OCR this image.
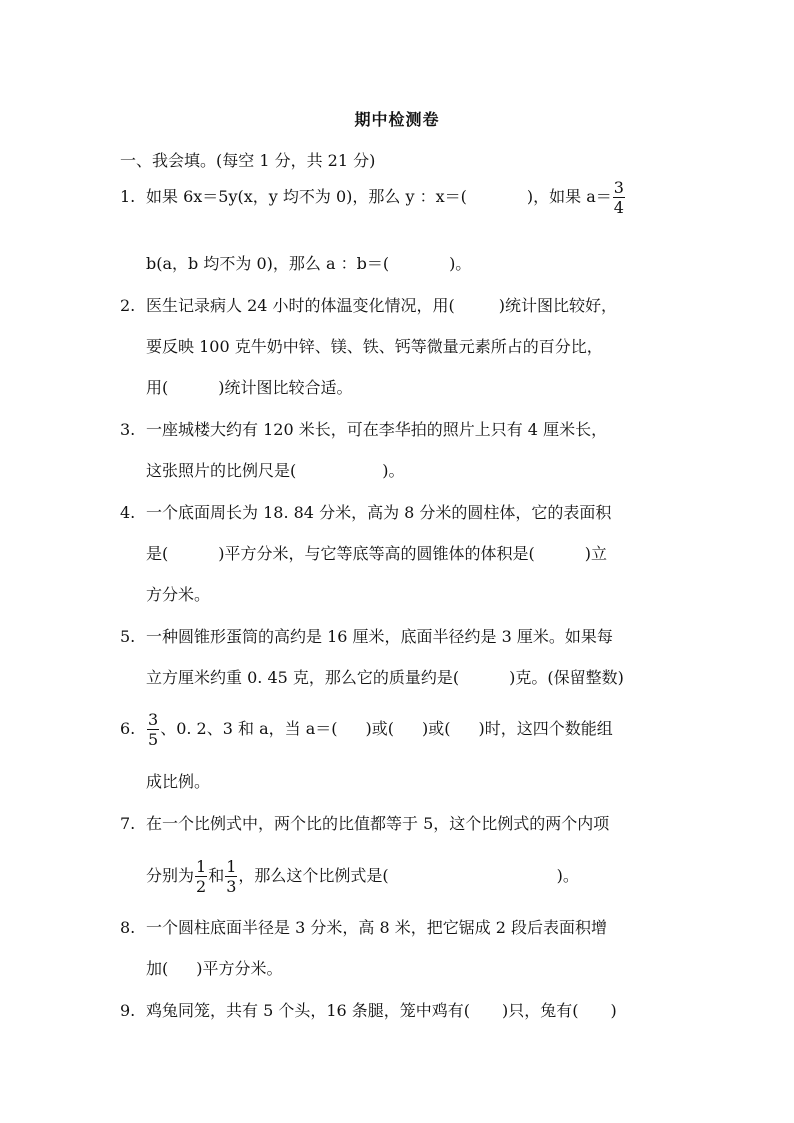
期中检测卷
一、我会填。(每空 1 分，共 21 分)
1. 如果 6x＝5y(x，y 均不为 0)，那么 y ：x＝(	)，如果 $a= \frac{3}{4}$
b(a，b 均不为 0)，那么 a ：b＝(	)。
2. 医生记录病人 24 小时的体温变化情况，用(	)统计图比较好，
要反映 100 克牛奶中锌、镁、铁、钙等微量元素所占的百分比，
用(	)统计图比较合适。
3. 一座城楼大约有 120 米长，可在李华拍的照片上只有 4 厘米长，
这张照片的比例尺是(	)。
4. 一个底面周长为 18. 84 分米，高为 8 分米的圆柱体，它的表面积
是(	)平方分米，与它等底等高的圆锥体的体积是(	)立
方分米。
5. 一种圆锥形蛋筒的高约是 16 厘米，底面半径约是 3 厘米。如果每
立方厘米约重 0. 45 克，那么它的质量约是(	)克。(保留整数)
6. $\frac{3}{5}$ 、0. 2、3 和 a，当 a＝( )或( )或( )时，这四个数能组
成比例。
7. 在一个比例式中，两个比的比值都等于 5，这个比例式的两个内项
分别为 $\frac{1}{2}$ 和 $\frac{1}{3}$ ，那么这个比例式是(	)。
8. 一个圆柱底面半径是 3 分米，高 8 米，把它锯成 2 段后表面积增
加( )平方分米。
9. 鸡兔同笼，共有 5 个头，16 条腿，笼中鸡有( )只，兔有( )
